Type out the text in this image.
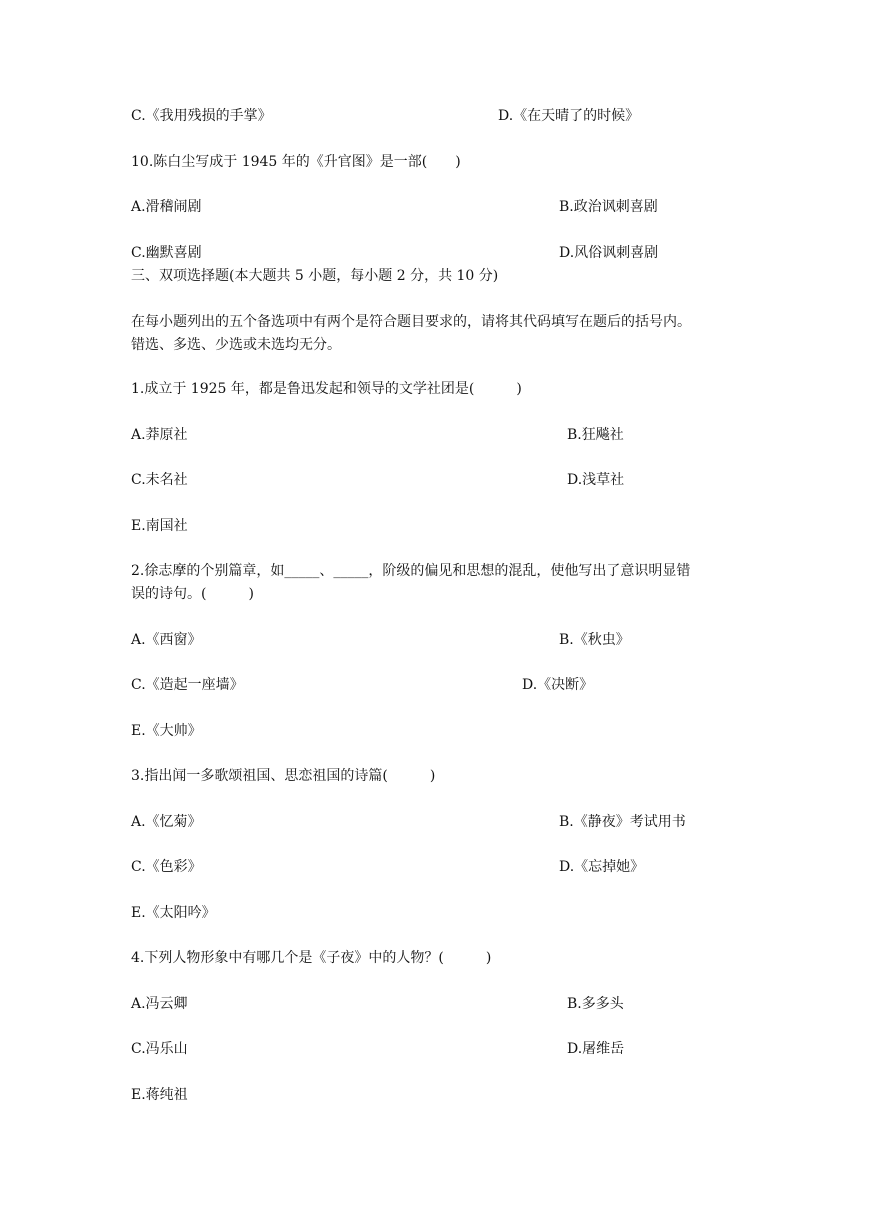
C.《我用残损的手掌》	D.《在天晴了的时候》
10.陈白尘写成于 1945 年的《升官图》是一部(　　)
A.滑稽闹剧	B.政治讽刺喜剧
C.幽默喜剧	D.风俗讽刺喜剧
三、双项选择题(本大题共 5 小题，每小题 2 分，共 10 分)
在每小题列出的五个备选项中有两个是符合题目要求的，请将其代码填写在题后的括号内。
错选、多选、少选或未选均无分。
1.成立于 1925 年，都是鲁迅发起和领导的文学社团是(　　　)
A.莽原社	B.狂飚社
C.未名社	D.浅草社
E.南国社
2.徐志摩的个别篇章，如_____、_____，阶级的偏见和思想的混乱，使他写出了意识明显错
误的诗句。(　　　)
A.《西窗》	B.《秋虫》
C.《造起一座墙》	D.《决断》
E.《大帅》
3.指出闻一多歌颂祖国、思恋祖国的诗篇(　　　)
A.《忆菊》	B.《静夜》考试用书
C.《色彩》	D.《忘掉她》
E.《太阳吟》
4.下列人物形象中有哪几个是《子夜》中的人物？(　　　)
A.冯云卿	B.多多头
C.冯乐山	D.屠维岳
E.蒋纯祖
